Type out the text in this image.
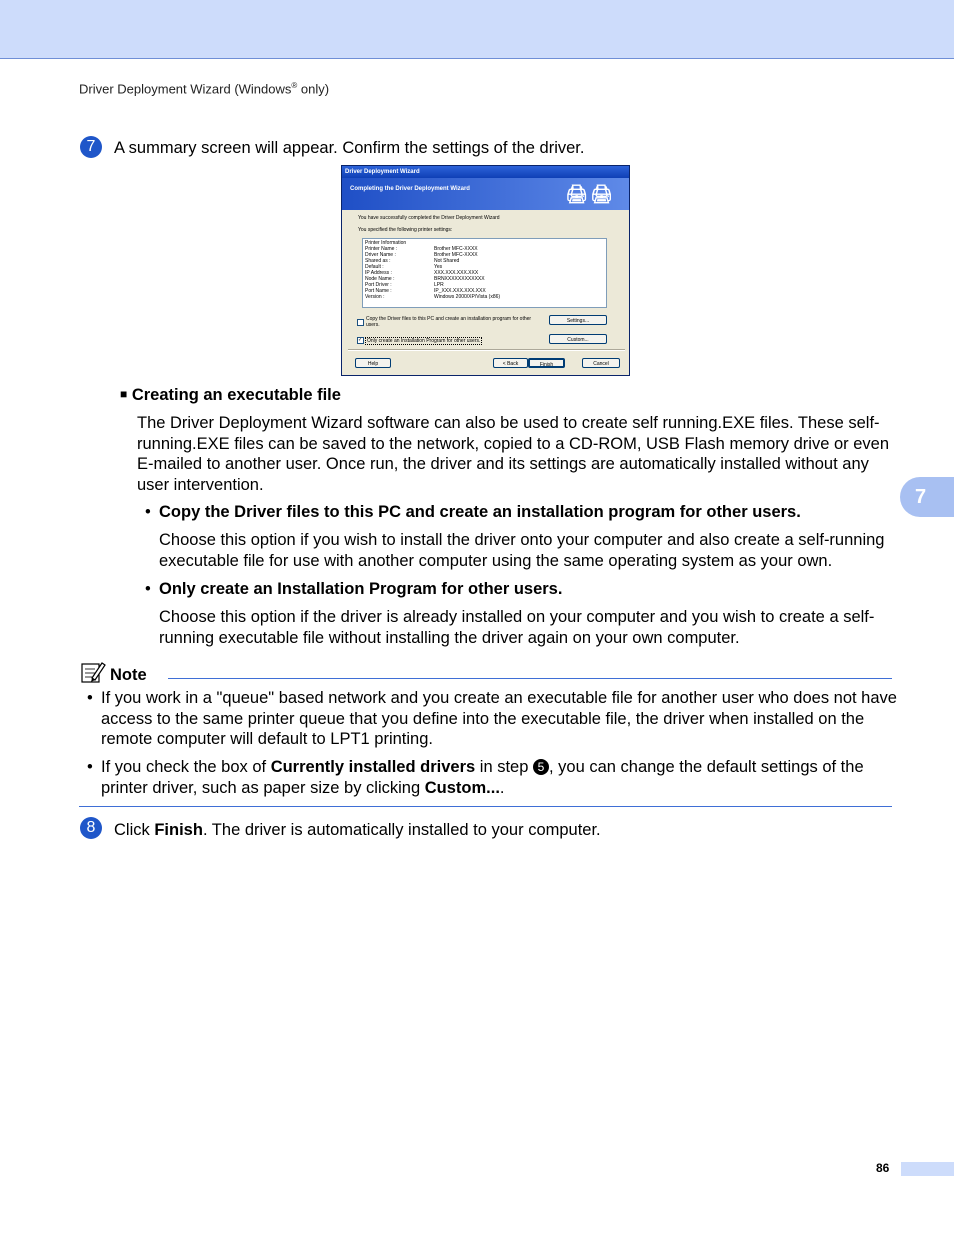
Driver Deployment Wizard (Windows® only)
7	A summary screen will appear. Confirm the settings of the driver.
Driver Deployment Wizard
Completing the Driver Deployment Wizard	🖨🖨
You have successfully completed the Driver Deployment Wizard
You specified the following printer settings:
Printer Information
Printer Name :	Brother MFC-XXXX
Driver Name :	Brother MFC-XXXX
Shared as :	Not Shared
Default :	Yes
IP Address :	XXX.XXX.XXX.XXX
Node Name :	BRNXXXXXXXXXXXX
Port Driver :	LPR
Port Name :	IP_XXX.XXX.XXX.XXX
Version :	Windows 2000/XP/Vista (x86)
Copy the Driver files to this PC and create an installation program for other users.
Settings...
✓ Only create an Installation Program for other users.	Custom...
Help	< Back	Finish	Cancel
■ Creating an executable file
The Driver Deployment Wizard software can also be used to create self running.EXE files. These self-running.EXE files can be saved to the network, copied to a CD-ROM, USB Flash memory drive or even E-mailed to another user. Once run, the driver and its settings are automatically installed without any user intervention.
• Copy the Driver files to this PC and create an installation program for other users.
Choose this option if you wish to install the driver onto your computer and also create a self-running executable file for use with another computer using the same operating system as your own.
• Only create an Installation Program for other users.
Choose this option if the driver is already installed on your computer and you wish to create a self-running executable file without installing the driver again on your own computer.
Note
• If you work in a "queue" based network and you create an executable file for another user who does not have access to the same printer queue that you define into the executable file, the driver when installed on the remote computer will default to LPT1 printing.
• If you check the box of Currently installed drivers in step 5 , you can change the default settings of the printer driver, such as paper size by clicking Custom....
8	Click Finish. The driver is automatically installed to your computer.
7
86
